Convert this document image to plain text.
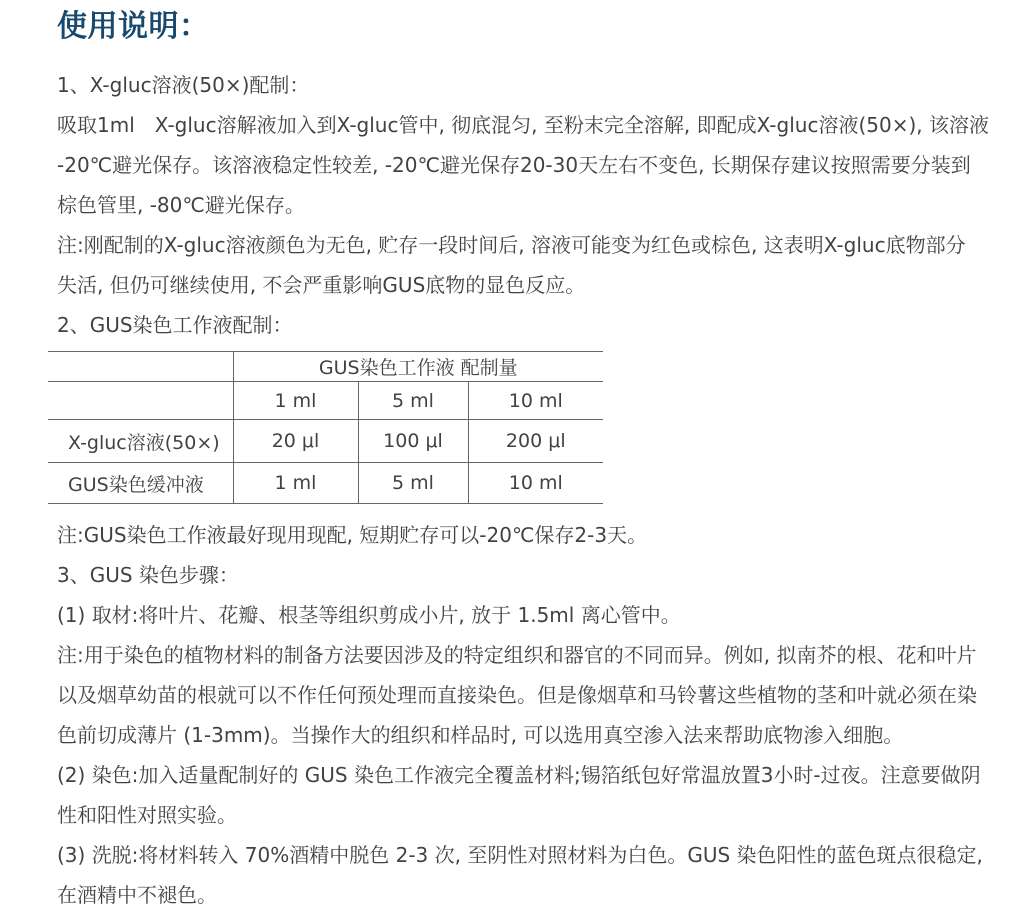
使用说明：
1、X-gluc溶液(50×)配制：
吸取1ml　X-gluc溶解液加入到X-gluc管中, 彻底混匀, 至粉末完全溶解, 即配成X-gluc溶液(50×), 该溶液
-20℃避光保存。该溶液稳定性较差, -20℃避光保存20-30天左右不变色, 长期保存建议按照需要分装到
棕色管里, -80℃避光保存。
注:刚配制的X-gluc溶液颜色为无色, 贮存一段时间后, 溶液可能变为红色或棕色, 这表明X-gluc底物部分
失活, 但仍可继续使用, 不会严重影响GUS底物的显色反应。
2、GUS染色工作液配制：
	GUS染色工作液 配制量		
	1 ml	5 ml	10 ml
X-gluc溶液(50×)	20 μl	100 μl	200 μl
GUS染色缓冲液	1 ml	5 ml	10 ml
注:GUS染色工作液最好现用现配, 短期贮存可以-20℃保存2-3天。
3、GUS 染色步骤：
(1) 取材:将叶片、花瓣、根茎等组织剪成小片, 放于 1.5ml 离心管中。
注:用于染色的植物材料的制备方法要因涉及的特定组织和器官的不同而异。例如, 拟南芥的根、花和叶片
以及烟草幼苗的根就可以不作任何预处理而直接染色。但是像烟草和马铃薯这些植物的茎和叶就必须在染
色前切成薄片 (1-3mm)。当操作大的组织和样品时, 可以选用真空渗入法来帮助底物渗入细胞。
(2) 染色:加入适量配制好的 GUS 染色工作液完全覆盖材料;锡箔纸包好常温放置3小时-过夜。注意要做阴
性和阳性对照实验。
(3) 洗脱:将材料转入 70%酒精中脱色 2-3 次, 至阴性对照材料为白色。GUS 染色阳性的蓝色斑点很稳定,
在酒精中不褪色。
